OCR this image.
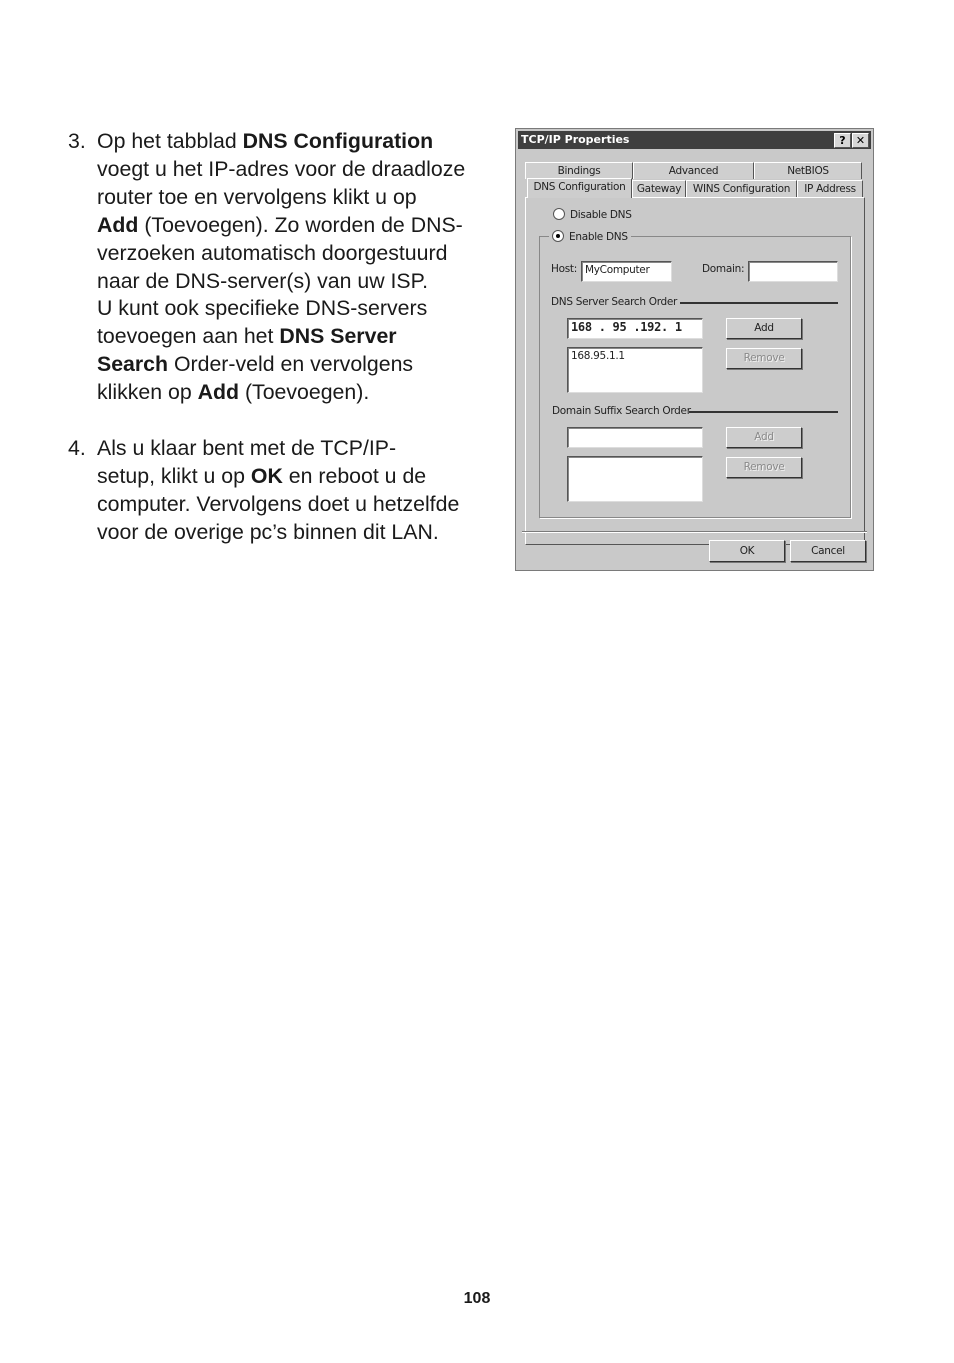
3. Op het tabblad DNS Configuration
voegt u het IP-adres voor de draadloze
router toe en vervolgens klikt u op
Add (Toevoegen). Zo worden de DNS-
verzoeken automatisch doorgestuurd
naar de DNS-server(s) van uw ISP.
U kunt ook specifieke DNS-servers
toevoegen aan het DNS Server
Search Order-veld en vervolgens
klikken op Add (Toevoegen).
4. Als u klaar bent met de TCP/IP-
setup, klikt u op OK en reboot u de
computer. Vervolgens doet u hetzelfde
voor de overige pc’s binnen dit LAN.
TCP/IP Properties	? ✕
Bindings	Advanced	NetBIOS
DNS Configuration	Gateway	WINS Configuration	IP Address
Disable DNS
Enable DNS
Host: MyComputer	Domain:
DNS Server Search Order
168 . 95 .192. 1	Add
168.95.1.1	Remove
Domain Suffix Search Order
Add
Remove
OK	Cancel
108
